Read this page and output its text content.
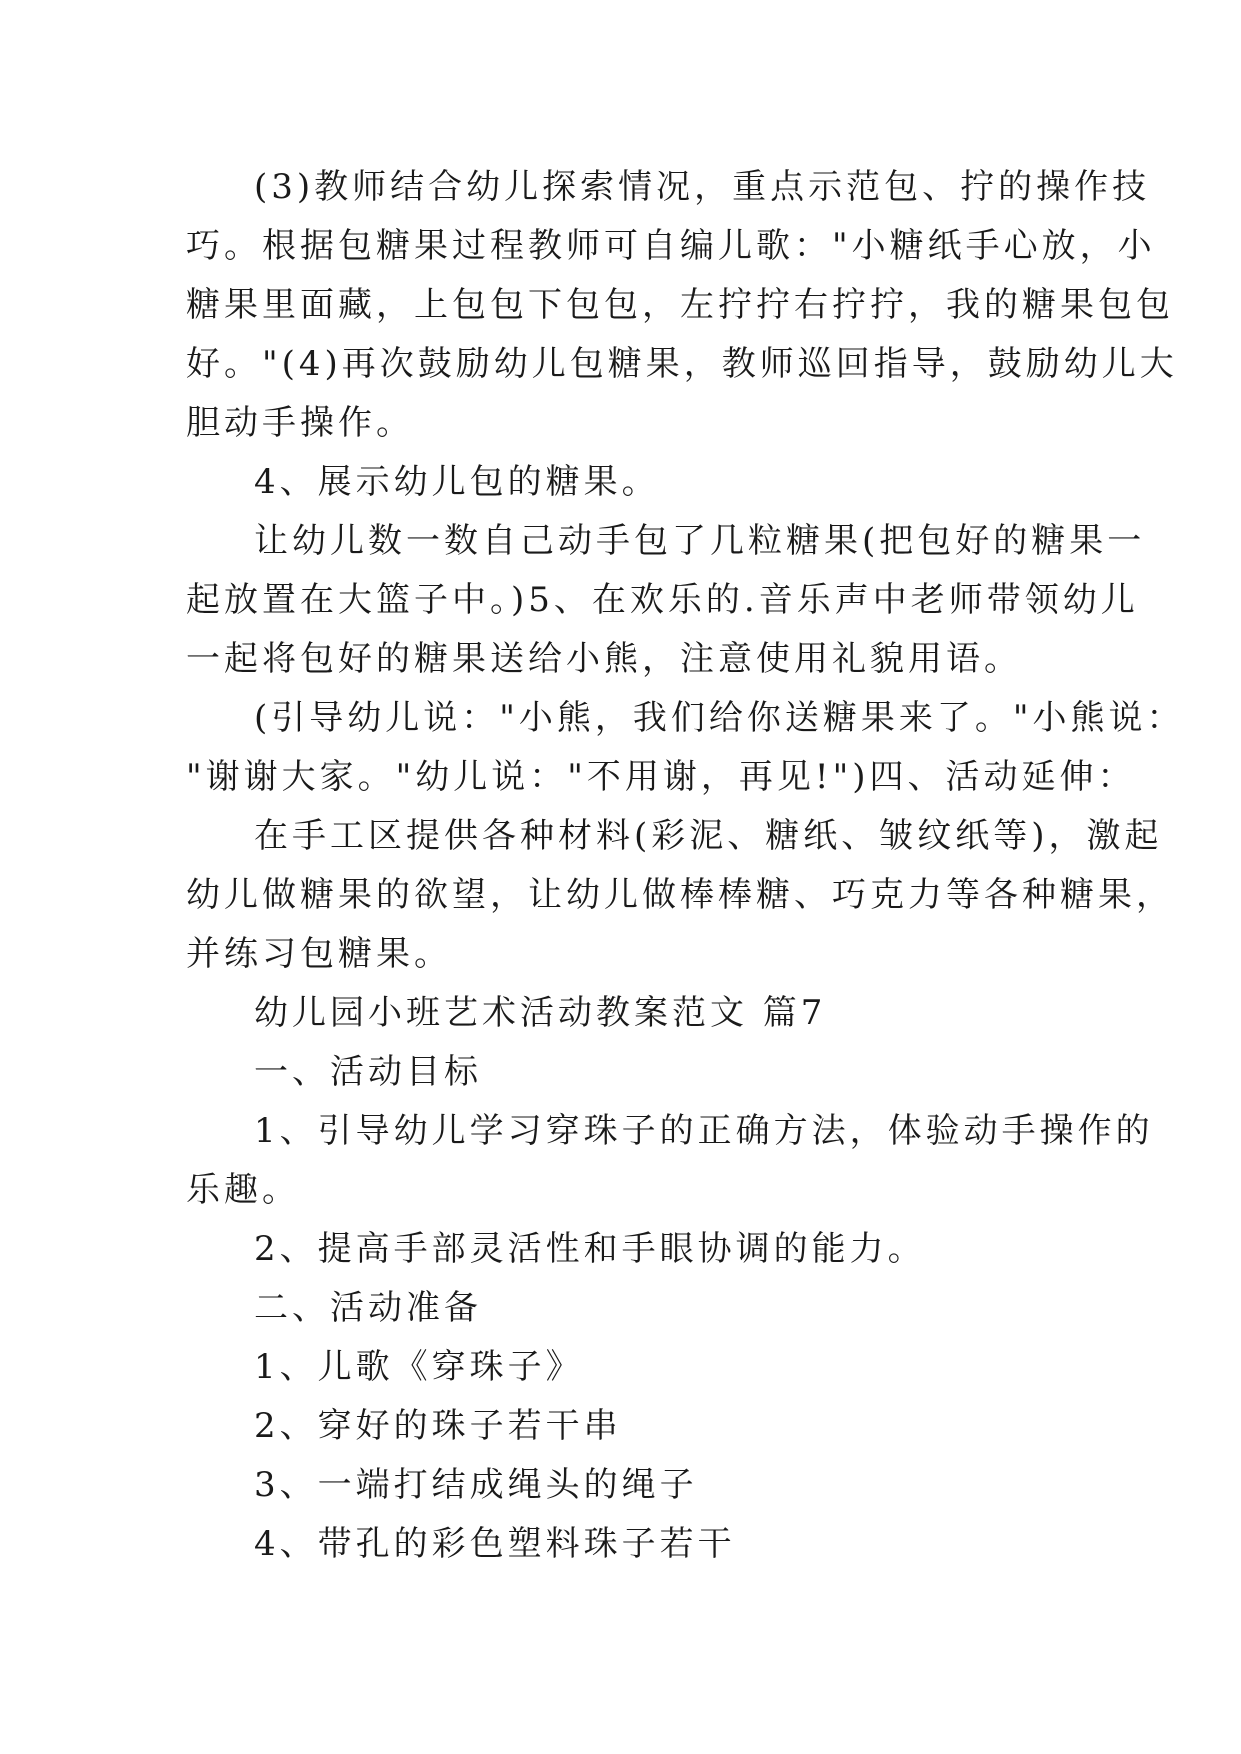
(3)教师结合幼儿探索情况，重点示范包、拧的操作技
巧。根据包糖果过程教师可自编儿歌："小糖纸手心放，小
糖果里面藏，上包包下包包，左拧拧右拧拧，我的糖果包包
好。"(4)再次鼓励幼儿包糖果，教师巡回指导，鼓励幼儿大
胆动手操作。

4、展示幼儿包的糖果。

让幼儿数一数自己动手包了几粒糖果(把包好的糖果一
起放置在大篮子中。)5、在欢乐的.音乐声中老师带领幼儿
一起将包好的糖果送给小熊，注意使用礼貌用语。

(引导幼儿说："小熊，我们给你送糖果来了。"小熊说：
"谢谢大家。"幼儿说："不用谢，再见!")四、活动延伸：

在手工区提供各种材料(彩泥、糖纸、皱纹纸等)，激起
幼儿做糖果的欲望，让幼儿做棒棒糖、巧克力等各种糖果，
并练习包糖果。

幼儿园小班艺术活动教案范文 篇7

一、活动目标

1、引导幼儿学习穿珠子的正确方法，体验动手操作的
乐趣。

2、提高手部灵活性和手眼协调的能力。

二、活动准备

1、儿歌《穿珠子》

2、穿好的珠子若干串

3、一端打结成绳头的绳子

4、带孔的彩色塑料珠子若干
